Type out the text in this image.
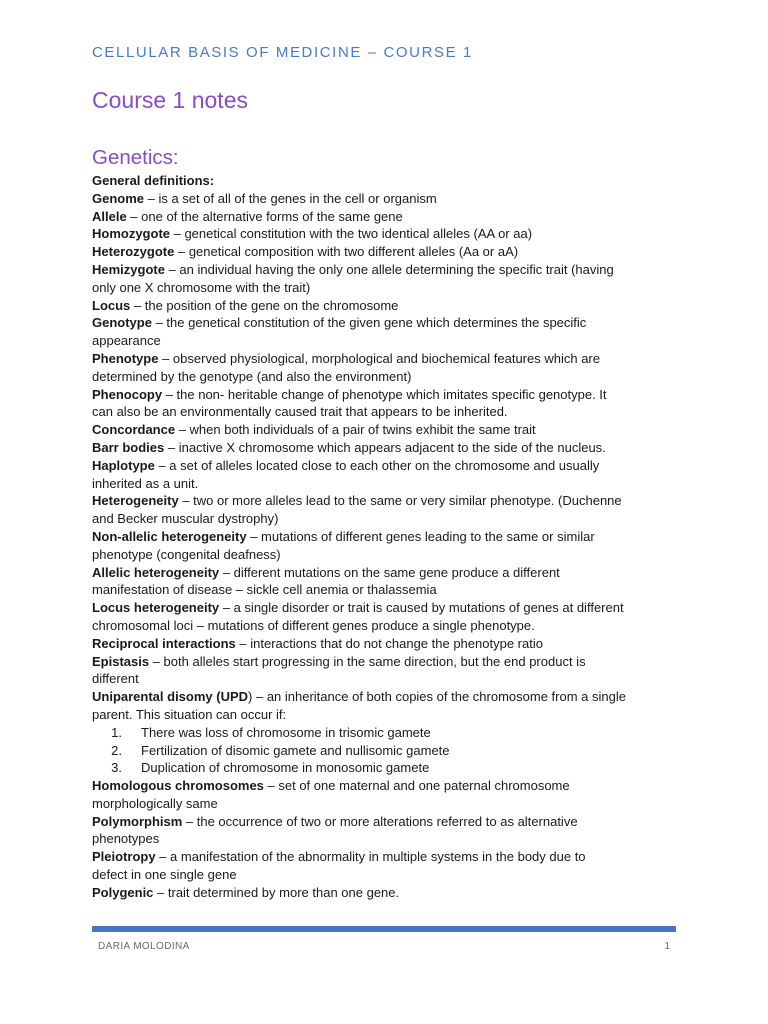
CELLULAR BASIS OF MEDICINE – COURSE 1
Course 1 notes
Genetics:
General definitions:
Genome – is a set of all of the genes in the cell or organism
Allele – one of the alternative forms of the same gene
Homozygote – genetical constitution with the two identical alleles (AA or aa)
Heterozygote – genetical composition with two different alleles (Aa or aA)
Hemizygote – an individual having the only one allele determining the specific trait (having
only one X chromosome with the trait)
Locus – the position of the gene on the chromosome
Genotype – the genetical constitution of the given gene which determines the specific
appearance
Phenotype – observed physiological, morphological and biochemical features which are
determined by the genotype (and also the environment)
Phenocopy – the non- heritable change of phenotype which imitates specific genotype. It
can also be an environmentally caused trait that appears to be inherited.
Concordance – when both individuals of a pair of twins exhibit the same trait
Barr bodies – inactive X chromosome which appears adjacent to the side of the nucleus.
Haplotype – a set of alleles located close to each other on the chromosome and usually
inherited as a unit.
Heterogeneity – two or more alleles lead to the same or very similar phenotype. (Duchenne
and Becker muscular dystrophy)
Non-allelic heterogeneity – mutations of different genes leading to the same or similar
phenotype (congenital deafness)
Allelic heterogeneity – different mutations on the same gene produce a different
manifestation of disease – sickle cell anemia or thalassemia
Locus heterogeneity – a single disorder or trait is caused by mutations of genes at different
chromosomal loci – mutations of different genes produce a single phenotype.
Reciprocal interactions – interactions that do not change the phenotype ratio
Epistasis – both alleles start progressing in the same direction, but the end product is
different
Uniparental disomy (UPD) – an inheritance of both copies of the chromosome from a single
parent. This situation can occur if:
1. There was loss of chromosome in trisomic gamete
2. Fertilization of disomic gamete and nullisomic gamete
3. Duplication of chromosome in monosomic gamete
Homologous chromosomes – set of one maternal and one paternal chromosome
morphologically same
Polymorphism – the occurrence of two or more alterations referred to as alternative
phenotypes
Pleiotropy – a manifestation of the abnormality in multiple systems in the body due to
defect in one single gene
Polygenic – trait determined by more than one gene.
DARIA MOLODINA	1
